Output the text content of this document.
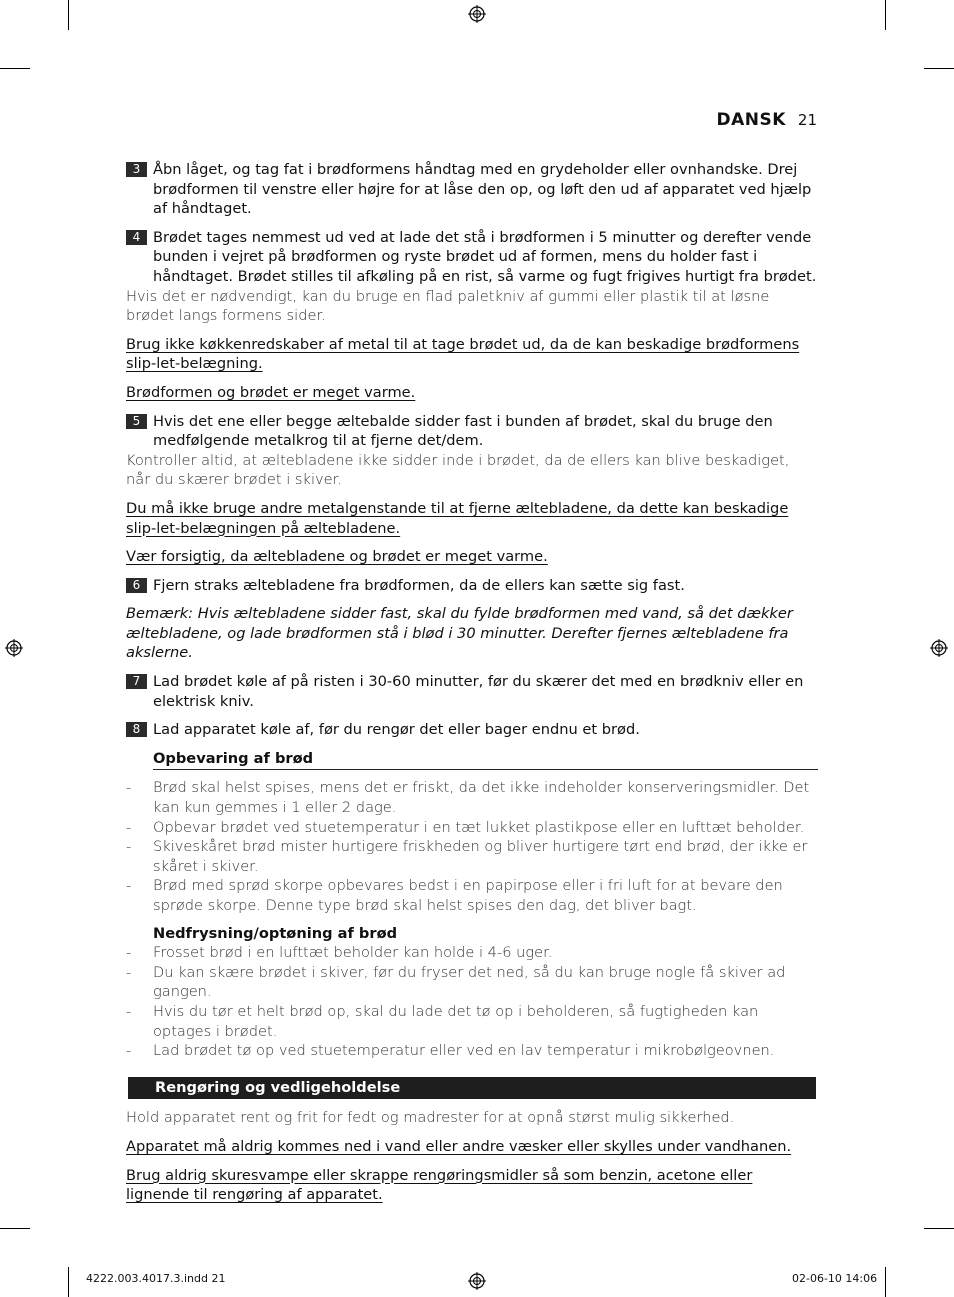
DANSK 21
3 Åbn låget, og tag fat i brødformens håndtag med en grydeholder eller ovnhandske. Drej brødformen til venstre eller højre for at låse den op, og løft den ud af apparatet ved hjælp af håndtaget.
4 Brødet tages nemmest ud ved at lade det stå i brødformen i 5 minutter og derefter vende bunden i vejret på brødformen og ryste brødet ud af formen, mens du holder fast i håndtaget. Brødet stilles til afkøling på en rist, så varme og fugt frigives hurtigt fra brødet.
Hvis det er nødvendigt, kan du bruge en flad paletkniv af gummi eller plastik til at løsne brødet langs formens sider.
Brug ikke køkkenredskaber af metal til at tage brødet ud, da de kan beskadige brødformens slip-let-belægning.
Brødformen og brødet er meget varme.
5 Hvis det ene eller begge æltebalde sidder fast i bunden af brødet, skal du bruge den medfølgende metalkrog til at fjerne det/dem.
Kontroller altid, at æltebladene ikke sidder inde i brødet, da de ellers kan blive beskadiget, når du skærer brødet i skiver.
Du må ikke bruge andre metalgenstande til at fjerne æltebladene, da dette kan beskadige slip-let-belægningen på æltebladene.
Vær forsigtig, da æltebladene og brødet er meget varme.
6 Fjern straks æltebladene fra brødformen, da de ellers kan sætte sig fast.
Bemærk: Hvis æltebladene sidder fast, skal du fylde brødformen med vand, så det dækker æltebladene, og lade brødformen stå i blød i 30 minutter. Derefter fjernes æltebladene fra akslerne.
7 Lad brødet køle af på risten i 30-60 minutter, før du skærer det med en brødkniv eller en elektrisk kniv.
8 Lad apparatet køle af, før du rengør det eller bager endnu et brød.
Opbevaring af brød
- Brød skal helst spises, mens det er friskt, da det ikke indeholder konserveringsmidler. Det kan kun gemmes i 1 eller 2 dage.
- Opbevar brødet ved stuetemperatur i en tæt lukket plastikpose eller en lufttæt beholder.
- Skiveskåret brød mister hurtigere friskheden og bliver hurtigere tørt end brød, der ikke er skåret i skiver.
- Brød med sprød skorpe opbevares bedst i en papirpose eller i fri luft for at bevare den sprøde skorpe. Denne type brød skal helst spises den dag, det bliver bagt.
Nedfrysning/optøning af brød
- Frosset brød i en lufttæt beholder kan holde i 4-6 uger.
- Du kan skære brødet i skiver, før du fryser det ned, så du kan bruge nogle få skiver ad gangen.
- Hvis du tør et helt brød op, skal du lade det tø op i beholderen, så fugtigheden kan optages i brødet.
- Lad brødet tø op ved stuetemperatur eller ved en lav temperatur i mikrobølgeovnen.
Rengøring og vedligeholdelse
Hold apparatet rent og frit for fedt og madrester for at opnå størst mulig sikkerhed.
Apparatet må aldrig kommes ned i vand eller andre væsker eller skylles under vandhanen.
Brug aldrig skuresvampe eller skrappe rengøringsmidler så som benzin, acetone eller lignende til rengøring af apparatet.
4222.003.4017.3.indd 21	02-06-10 14:06
